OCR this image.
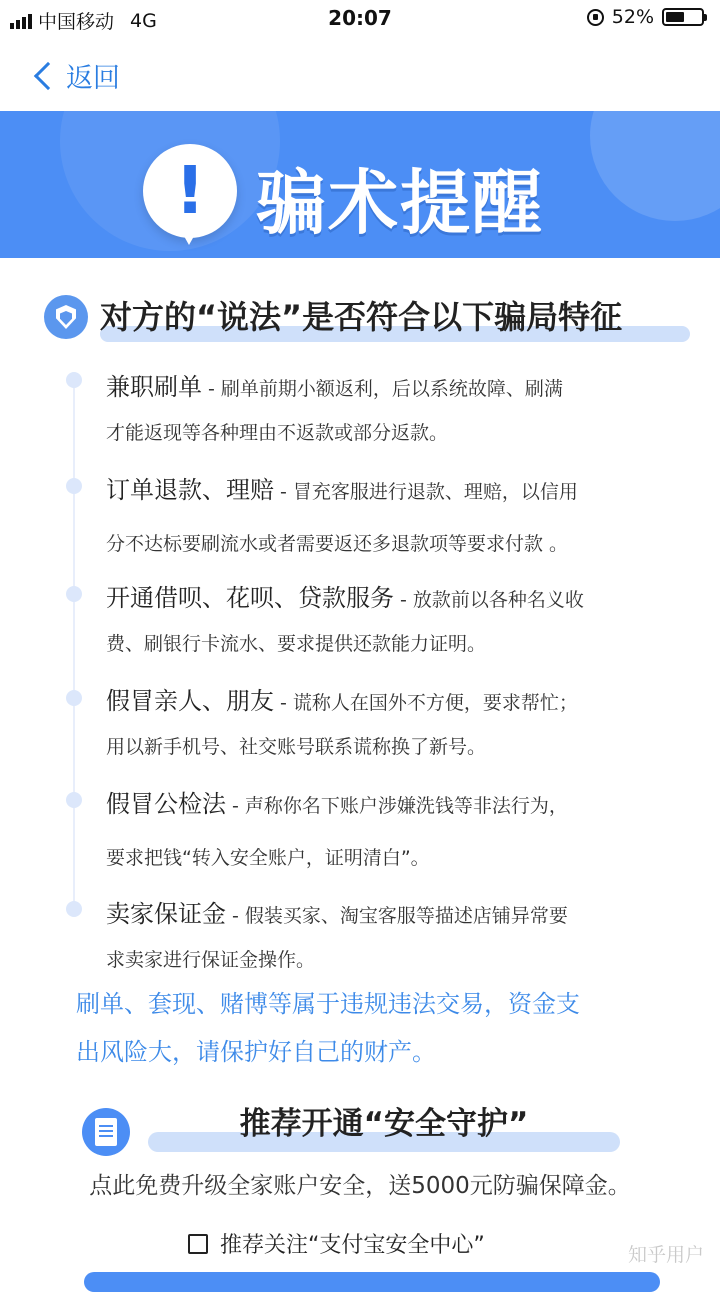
中国移动 4G	20:07	52%
返回
! 骗术提醒
对方的“说法”是否符合以下骗局特征
兼职刷单 - 刷单前期小额返利，后以系统故障、刷满
才能返现等各种理由不返款或部分返款。
订单退款、理赔 - 冒充客服进行退款、理赔，以信用
分不达标要刷流水或者需要返还多退款项等要求付款 。
开通借呗、花呗、贷款服务 - 放款前以各种名义收
费、刷银行卡流水、要求提供还款能力证明。
假冒亲人、朋友 - 谎称人在国外不方便，要求帮忙；
用以新手机号、社交账号联系谎称换了新号。
假冒公检法 - 声称你名下账户涉嫌洗钱等非法行为，
要求把钱“转入安全账户，证明清白”。
卖家保证金 - 假装买家、淘宝客服等描述店铺异常要
求卖家进行保证金操作。
刷单、套现、赌博等属于违规违法交易，资金支
出风险大，请保护好自己的财产。
推荐开通“安全守护”
点此免费升级全家账户安全，送5000元防骗保障金。
推荐关注“支付宝安全中心”	知乎用户
